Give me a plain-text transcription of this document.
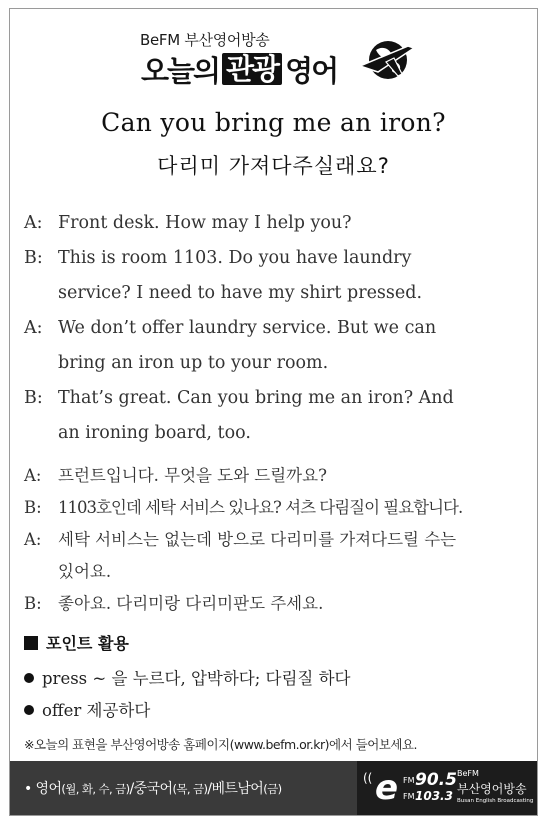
BeFM 부산영어방송
오늘의 관광 영어
Can you bring me an iron?
다리미 가져다주실래요?
A: Front desk. How may I help you?
B: This is room 1103. Do you have laundry
service? I need to have my shirt pressed.
A: We don’t offer laundry service. But we can
bring an iron up to your room.
B: That’s great. Can you bring me an iron? And
an ironing board, too.
A:	프런트입니다. 무엇을 도와 드릴까요?
B: 1103호인데 세탁 서비스 있나요? 셔츠 다림질이 필요합니다.
A:	세탁 서비스는 없는데 방으로 다리미를 가져다드릴 수는
있어요.
B: 좋아요. 다리미랑 다리미판도 주세요.
포인트 활용
press ~ 을 누르다, 압박하다; 다림질 하다
offer 제공하다
※오늘의 표현을 부산영어방송 홈페이지(www.befm.or.kr)에서 들어보세요.
• 영어(월, 화, 수, 금)/중국어(목, 금)/베트남어(금)
(( e FM 90.5
FM 103.3
BeFM
부산영어방송
Busan English Broadcasting
